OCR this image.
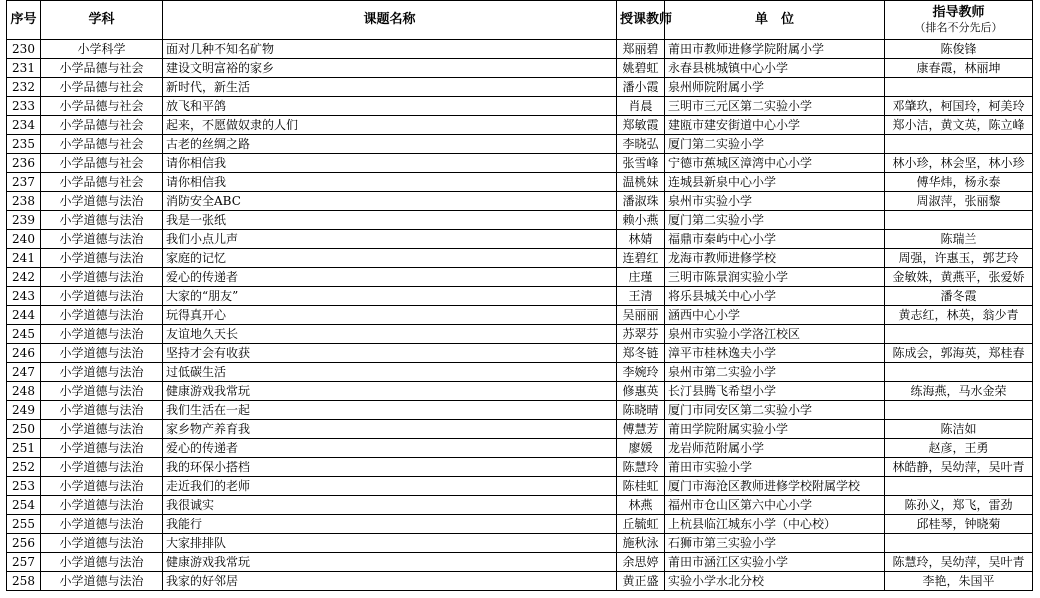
序号	学科	课题名称	授课教师	单　位	指导教师
（排名不分先后）

230	小学科学	面对几种不知名矿物	郑丽碧	莆田市教师进修学院附属小学	陈俊锋
231	小学品德与社会	建设文明富裕的家乡	姚碧虹	永春县桃城镇中心小学	康春霞，林丽坤
232	小学品德与社会	新时代，新生活	潘小霞	泉州师院附属小学	
233	小学品德与社会	放飞和平鸽	肖晨	三明市三元区第二实验小学	邓肇玖，柯国玲，柯美玲
234	小学品德与社会	起来，不愿做奴隶的人们	郑敏霞	建瓯市建安街道中心小学	郑小洁，黄文英，陈立峰
235	小学品德与社会	古老的丝绸之路	李晓弘	厦门第二实验小学	
236	小学品德与社会	请你相信我	张雪峰	宁德市蕉城区漳湾中心小学	林小珍，林会坚，林小珍
237	小学品德与社会	请你相信我	温桃妹	连城县新泉中心小学	傅华炜，杨永泰
238	小学道德与法治	消防安全ABC	潘淑珠	泉州市实验小学	周淑萍，张丽黎
239	小学道德与法治	我是一张纸	赖小燕	厦门第二实验小学	
240	小学道德与法治	我们小点儿声	林婧	福鼎市秦屿中心小学	陈瑞兰
241	小学道德与法治	家庭的记忆	连碧红	龙海市教师进修学校	周强，许惠玉，郭艺玲
242	小学道德与法治	爱心的传递者	庄瑾	三明市陈景润实验小学	金敏姝，黄燕平，张爱娇
243	小学道德与法治	大家的“朋友”	王清	将乐县城关中心小学	潘冬霞
244	小学道德与法治	玩得真开心	吴丽丽	涵西中心小学	黄志红，林英，翁少青
245	小学道德与法治	友谊地久天长	苏翠芬	泉州市实验小学洛江校区	
246	小学道德与法治	坚持才会有收获	郑冬链	漳平市桂林逸夫小学	陈成会，郭海英，郑桂春
247	小学道德与法治	过低碳生活	李婉玲	泉州市第二实验小学	
248	小学道德与法治	健康游戏我常玩	修惠英	长汀县腾飞希望小学	练海燕，马水金荣
249	小学道德与法治	我们生活在一起	陈晓晴	厦门市同安区第二实验小学	
250	小学道德与法治	家乡物产养育我	傅慧芳	莆田学院附属实验小学	陈洁如
251	小学道德与法治	爱心的传递者	廖媛	龙岩师范附属小学	赵彦，王勇
252	小学道德与法治	我的环保小搭档	陈慧玲	莆田市实验小学	林皓静，吴幼萍，吴叶青
253	小学道德与法治	走近我们的老师	陈桂虹	厦门市海沧区教师进修学校附属学校	
254	小学道德与法治	我很诚实	林燕	福州市仓山区第六中心小学	陈孙义，郑飞，雷劲
255	小学道德与法治	我能行	丘毓虹	上杭县临江城东小学（中心校）	邱桂琴，钟晓菊
256	小学道德与法治	大家排排队	施秋泳	石狮市第三实验小学	
257	小学道德与法治	健康游戏我常玩	余思婷	莆田市涵江区实验小学	陈慧玲，吴幼萍，吴叶青
258	小学道德与法治	我家的好邻居	黄正盛	实验小学水北分校	李艳，朱国平
